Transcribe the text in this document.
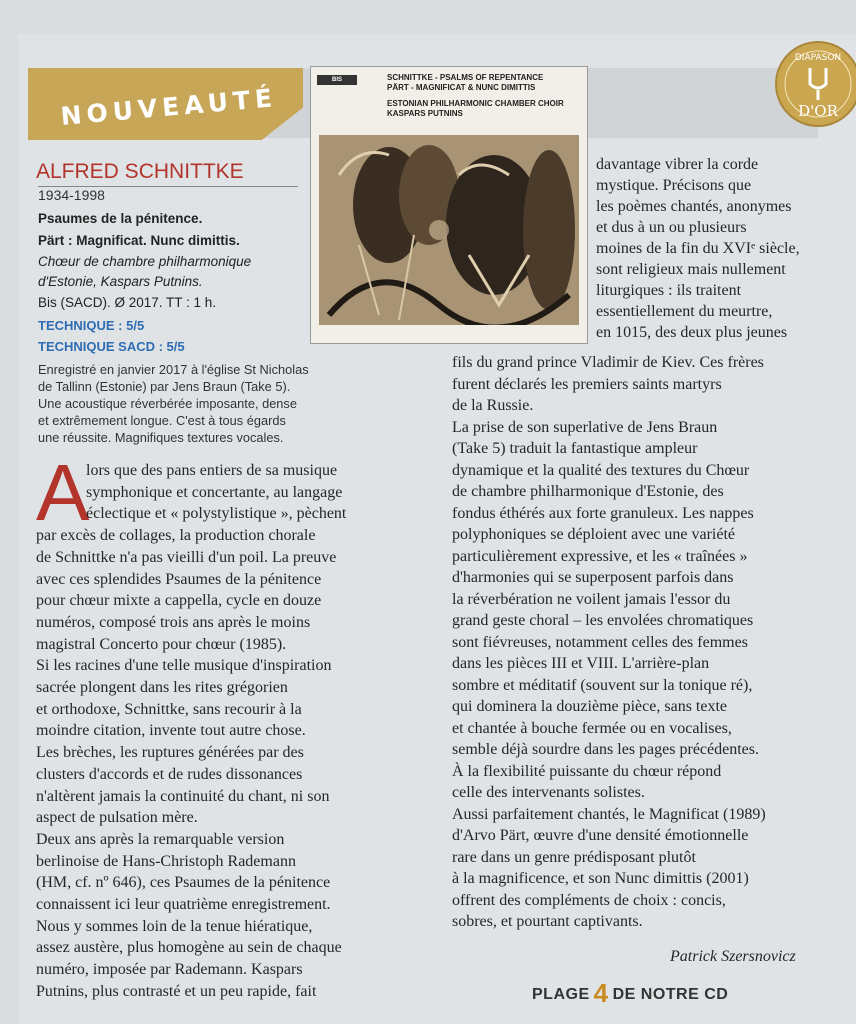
NOUVEAUTÉ
DIAPASON
D'OR
BIS	SCHNITTKE - PSALMS OF REPENTANCE
PÄRT - MAGNIFICAT & NUNC DIMITTIS
ESTONIAN PHILHARMONIC CHAMBER CHOIR
KASPARS PUTNINS
ALFRED SCHNITTKE
1934-1998
Psaumes de la pénitence.
Pärt : Magnificat. Nunc dimittis.
Chœur de chambre philharmonique
d'Estonie, Kaspars Putnins.
Bis (SACD). Ø 2017. TT : 1 h.
TECHNIQUE : 5/5
TECHNIQUE SACD : 5/5
Enregistré en janvier 2017 à l'église St Nicholas
de Tallinn (Estonie) par Jens Braun (Take 5).
Une acoustique réverbérée imposante, dense
et extrêmement longue. C'est à tous égards
une réussite. Magnifiques textures vocales.
A
lors que des pans entiers de sa musique
symphonique et concertante, au langage
éclectique et « polystylistique », pèchent
par excès de collages, la production chorale
de Schnittke n'a pas vieilli d'un poil. La preuve
avec ces splendides Psaumes de la pénitence
pour chœur mixte a cappella, cycle en douze
numéros, composé trois ans après le moins
magistral Concerto pour chœur (1985).
Si les racines d'une telle musique d'inspiration
sacrée plongent dans les rites grégorien
et orthodoxe, Schnittke, sans recourir à la
moindre citation, invente tout autre chose.
Les brèches, les ruptures générées par des
clusters d'accords et de rudes dissonances
n'altèrent jamais la continuité du chant, ni son
aspect de pulsation mère.
Deux ans après la remarquable version
berlinoise de Hans-Christoph Rademann
(HM, cf. nº 646), ces Psaumes de la pénitence
connaissent ici leur quatrième enregistrement.
Nous y sommes loin de la tenue hiératique,
assez austère, plus homogène au sein de chaque
numéro, imposée par Rademann. Kaspars
Putnins, plus contrasté et un peu rapide, fait
davantage vibrer la corde
mystique. Précisons que
les poèmes chantés, anonymes
et dus à un ou plusieurs
moines de la fin du XVIᵉ siècle,
sont religieux mais nullement
liturgiques : ils traitent
essentiellement du meurtre,
en 1015, des deux plus jeunes
fils du grand prince Vladimir de Kiev. Ces frères
furent déclarés les premiers saints martyrs
de la Russie.
La prise de son superlative de Jens Braun
(Take 5) traduit la fantastique ampleur
dynamique et la qualité des textures du Chœur
de chambre philharmonique d'Estonie, des
fondus éthérés aux forte granuleux. Les nappes
polyphoniques se déploient avec une variété
particulièrement expressive, et les « traînées »
d'harmonies qui se superposent parfois dans
la réverbération ne voilent jamais l'essor du
grand geste choral – les envolées chromatiques
sont fiévreuses, notamment celles des femmes
dans les pièces III et VIII. L'arrière-plan
sombre et méditatif (souvent sur la tonique ré),
qui dominera la douzième pièce, sans texte
et chantée à bouche fermée ou en vocalises,
semble déjà sourdre dans les pages précédentes.
À la flexibilité puissante du chœur répond
celle des intervenants solistes.
Aussi parfaitement chantés, le Magnificat (1989)
d'Arvo Pärt, œuvre d'une densité émotionnelle
rare dans un genre prédisposant plutôt
à la magnificence, et son Nunc dimittis (2001)
offrent des compléments de choix : concis,
sobres, et pourtant captivants.
Patrick Szersnovicz
PLAGE 4 DE NOTRE CD
